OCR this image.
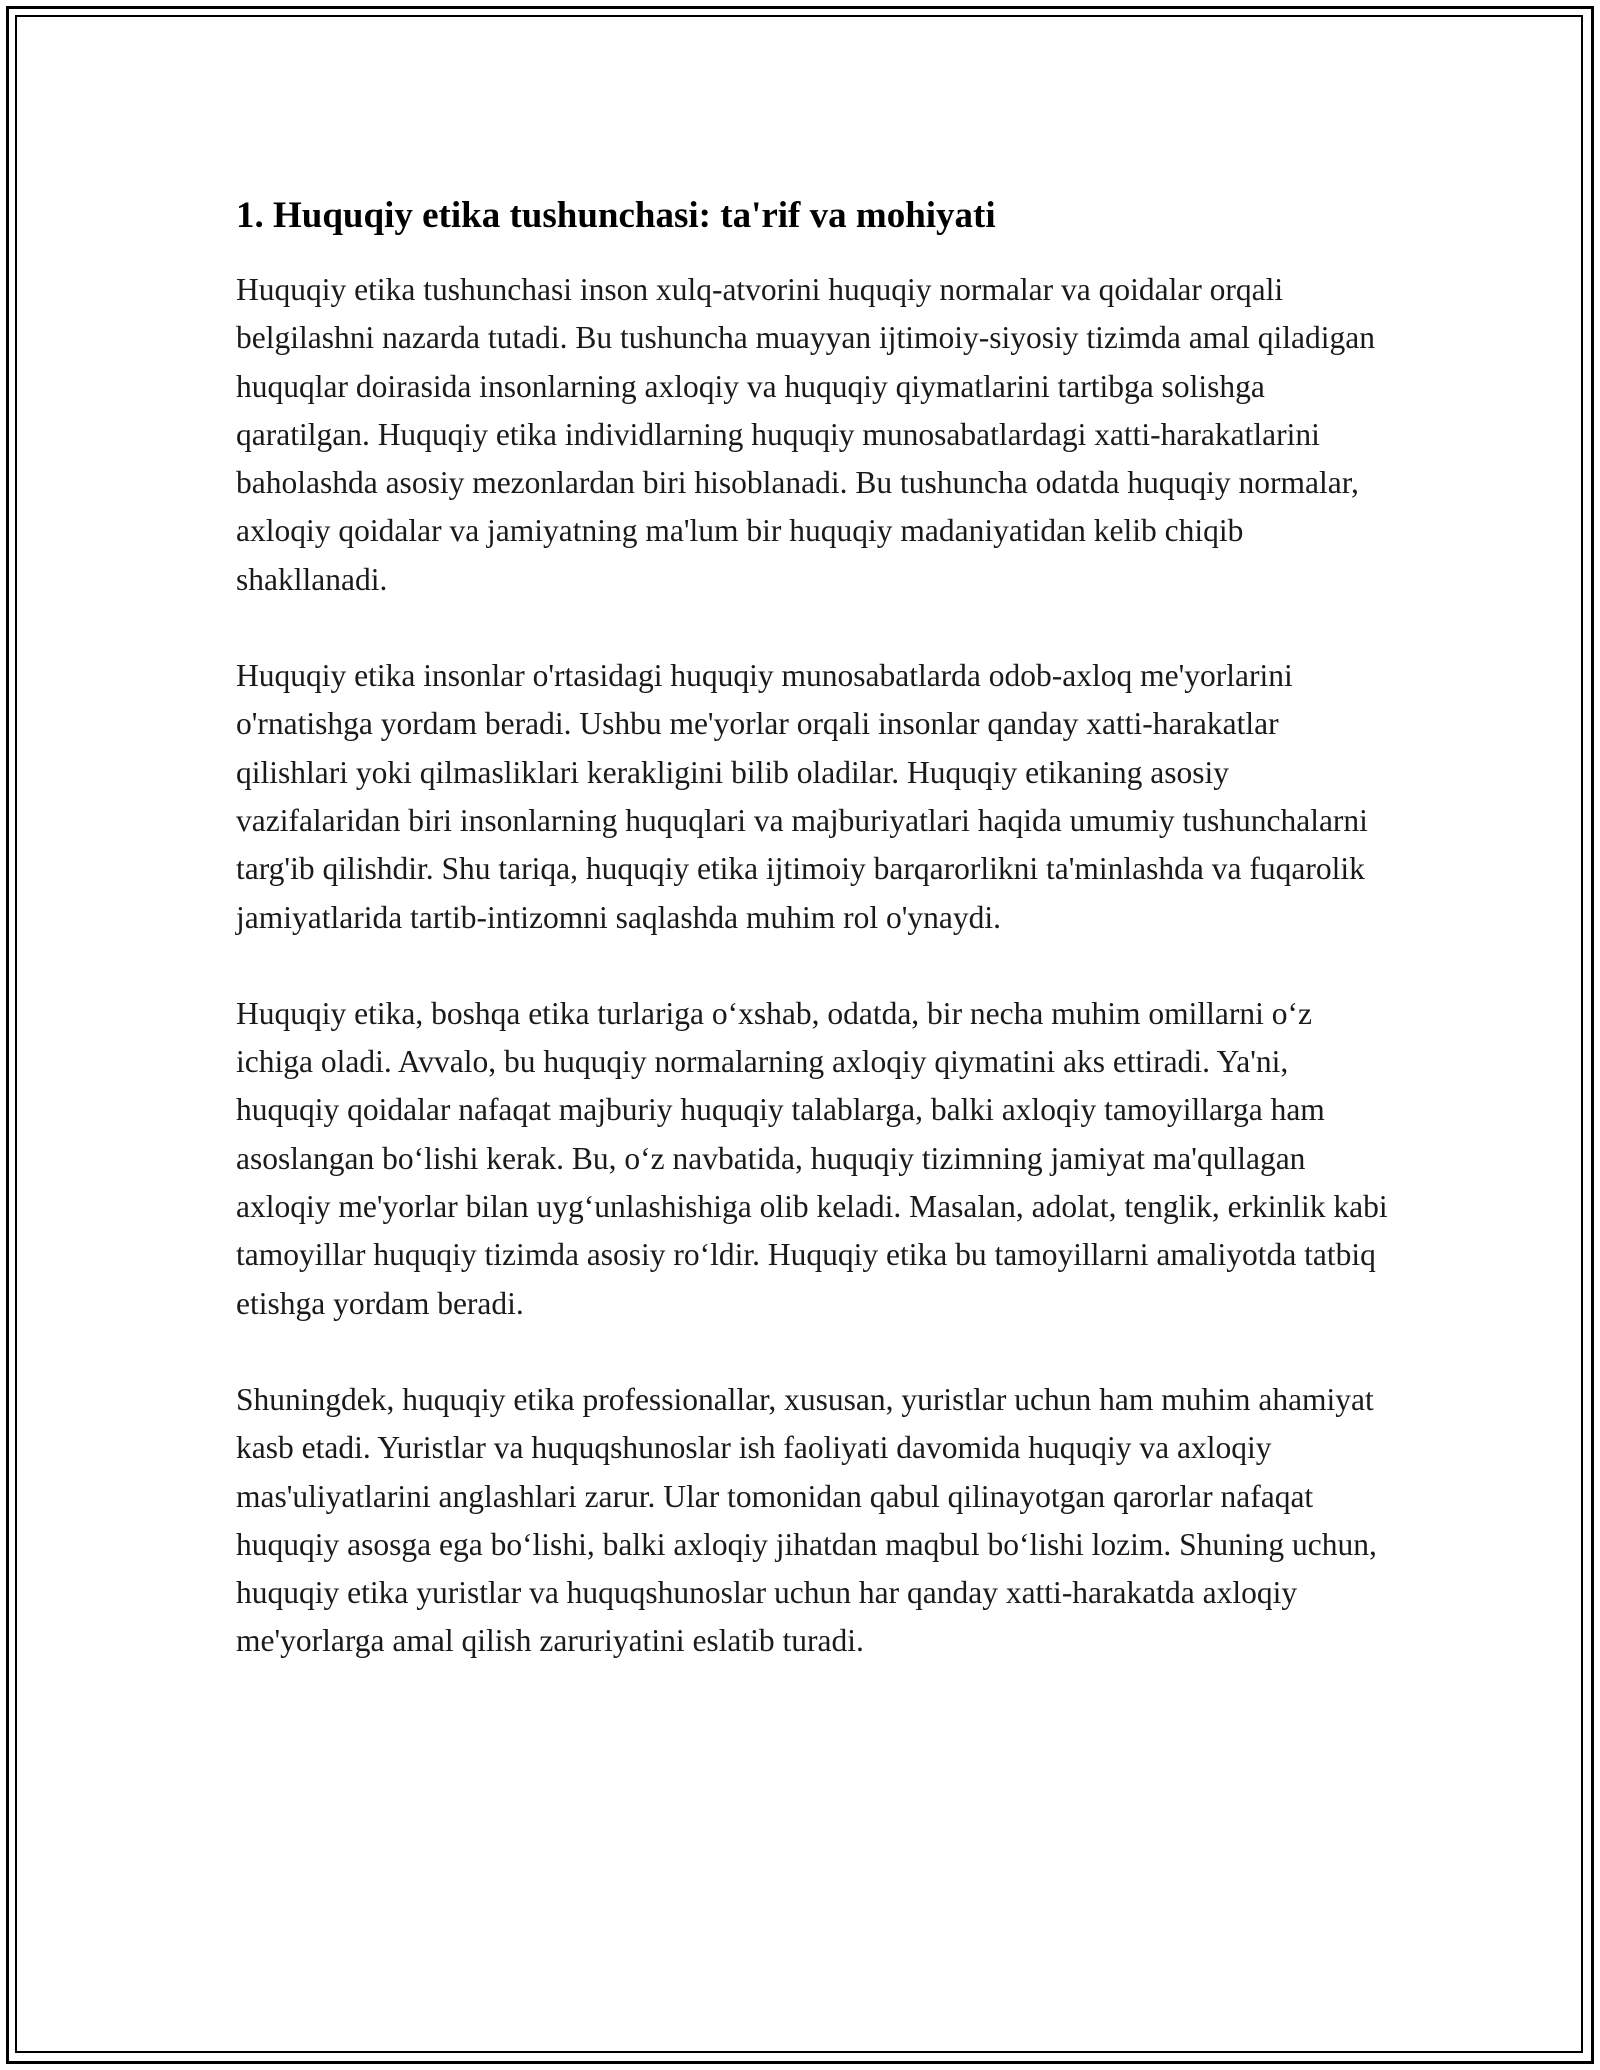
1. Huquqiy etika tushunchasi: ta'rif va mohiyati

Huquqiy etika tushunchasi inson xulq-atvorini huquqiy normalar va qoidalar orqali belgilashni nazarda tutadi. Bu tushuncha muayyan ijtimoiy-siyosiy tizimda amal qiladigan huquqlar doirasida insonlarning axloqiy va huquqiy qiymatlarini tartibga solishga qaratilgan. Huquqiy etika individlarning huquqiy munosabatlardagi xatti-harakatlarini baholashda asosiy mezonlardan biri hisoblanadi. Bu tushuncha odatda huquqiy normalar, axloqiy qoidalar va jamiyatning ma'lum bir huquqiy madaniyatidan kelib chiqib shakllanadi.

Huquqiy etika insonlar o'rtasidagi huquqiy munosabatlarda odob-axloq me'yorlarini o'rnatishga yordam beradi. Ushbu me'yorlar orqali insonlar qanday xatti-harakatlar qilishlari yoki qilmasliklari kerakligini bilib oladilar. Huquqiy etikaning asosiy vazifalaridan biri insonlarning huquqlari va majburiyatlari haqida umumiy tushunchalarni targ'ib qilishdir. Shu tariqa, huquqiy etika ijtimoiy barqarorlikni ta'minlashda va fuqarolik jamiyatlarida tartib-intizomni saqlashda muhim rol o'ynaydi.

Huquqiy etika, boshqa etika turlariga o‘xshab, odatda, bir necha muhim omillarni o‘z ichiga oladi. Avvalo, bu huquqiy normalarning axloqiy qiymatini aks ettiradi. Ya'ni, huquqiy qoidalar nafaqat majburiy huquqiy talablarga, balki axloqiy tamoyillarga ham asoslangan bo‘lishi kerak. Bu, o‘z navbatida, huquqiy tizimning jamiyat ma'qullagan axloqiy me'yorlar bilan uyg‘unlashishiga olib keladi. Masalan, adolat, tenglik, erkinlik kabi tamoyillar huquqiy tizimda asosiy ro‘ldir. Huquqiy etika bu tamoyillarni amaliyotda tatbiq etishga yordam beradi.

Shuningdek, huquqiy etika professionallar, xususan, yuristlar uchun ham muhim ahamiyat kasb etadi. Yuristlar va huquqshunoslar ish faoliyati davomida huquqiy va axloqiy mas'uliyatlarini anglashlari zarur. Ular tomonidan qabul qilinayotgan qarorlar nafaqat huquqiy asosga ega bo‘lishi, balki axloqiy jihatdan maqbul bo‘lishi lozim. Shuning uchun, huquqiy etika yuristlar va huquqshunoslar uchun har qanday xatti-harakatda axloqiy me'yorlarga amal qilish zaruriyatini eslatib turadi.
